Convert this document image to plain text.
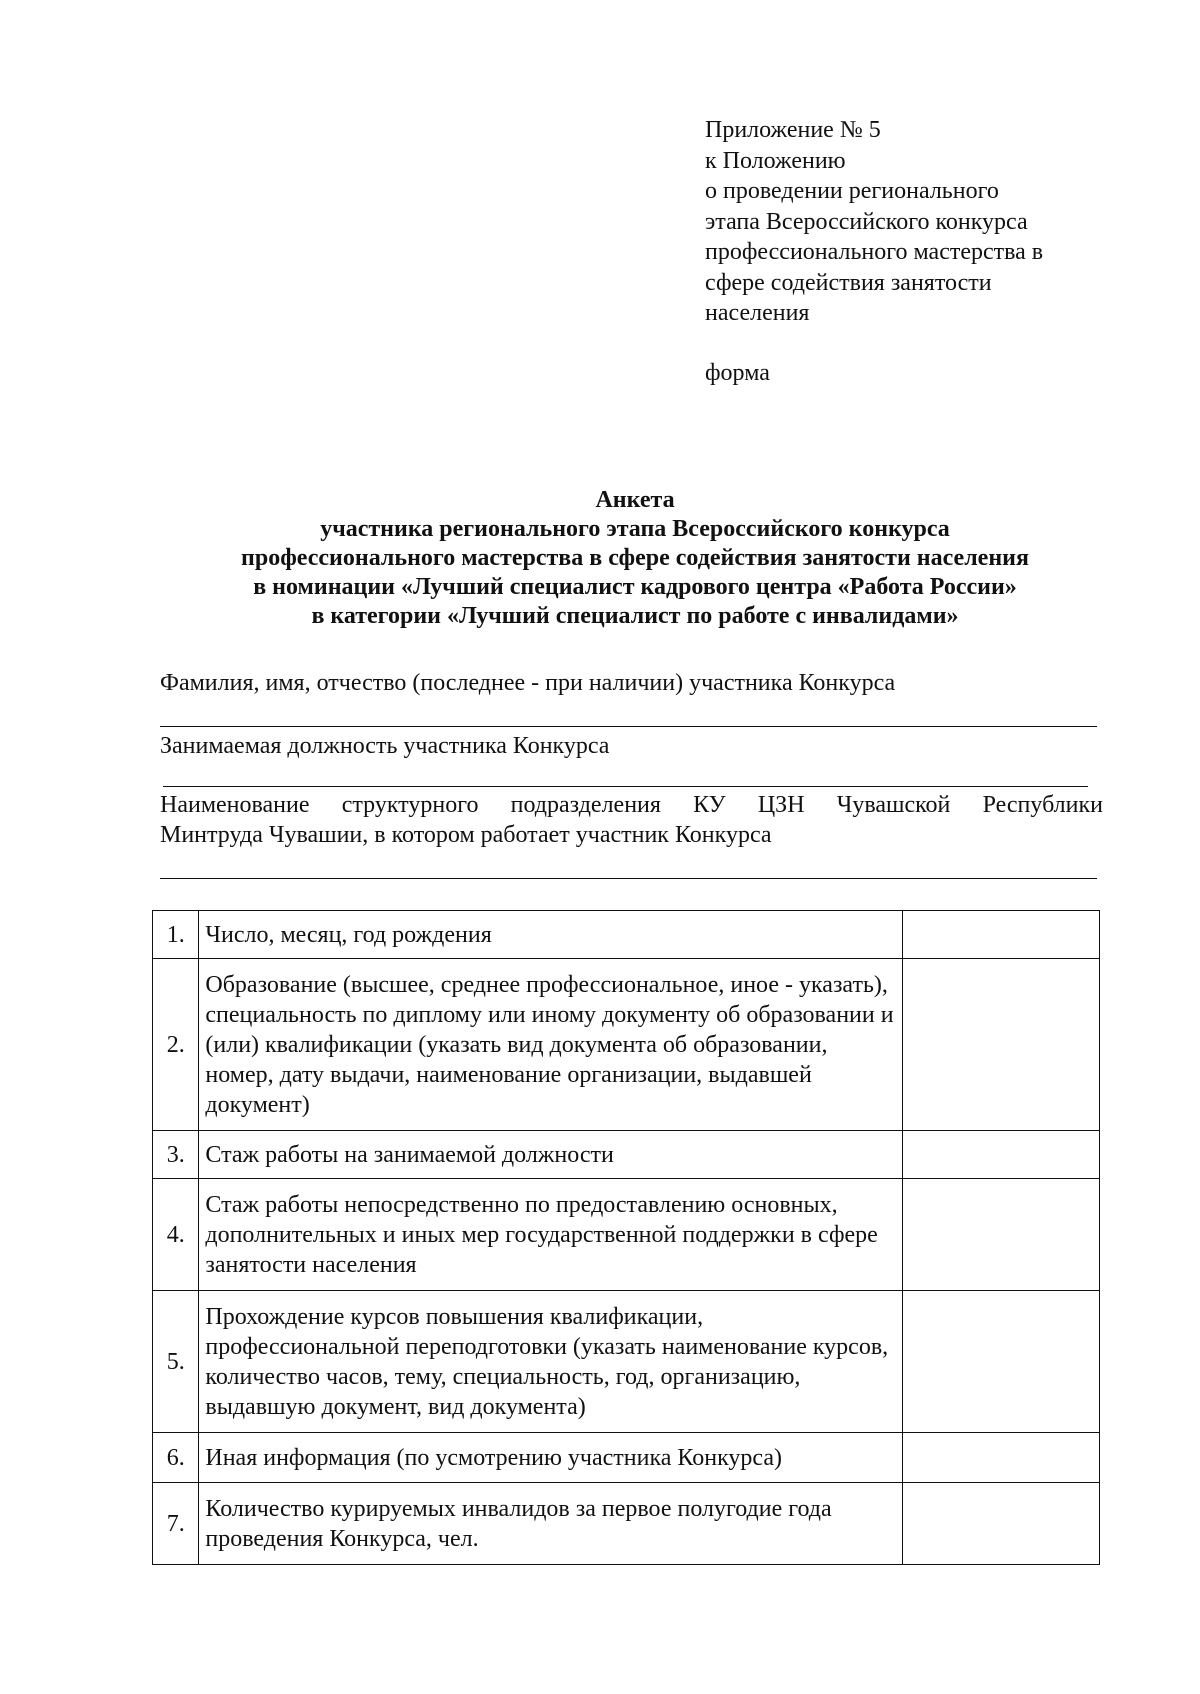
Приложение № 5
к Положению
о проведении регионального
этапа Всероссийского конкурса
профессионального мастерства в
сфере содействия занятости
населения
форма
Анкета
участника регионального этапа Всероссийского конкурса
профессионального мастерства в сфере содействия занятости населения
в номинации «Лучший специалист кадрового центра «Работа России»
в категории «Лучший специалист по работе с инвалидами»
Фамилия, имя, отчество (последнее - при наличии) участника Конкурса
Занимаемая должность участника Конкурса
Наименование структурного подразделения КУ ЦЗН Чувашской Республики
Минтруда Чувашии, в котором работает участник Конкурса
1.	Число, месяц, год рождения	
2.	Образование (высшее, среднее профессиональное, иное - указать), специальность по диплому или иному документу об образовании и (или) квалификации (указать вид документа об образовании, номер, дату выдачи, наименование организации, выдавшей документ)	
3.	Стаж работы на занимаемой должности	
4.	Стаж работы непосредственно по предоставлению основных, дополнительных и иных мер государственной поддержки в сфере занятости населения	
5.	Прохождение курсов повышения квалификации, профессиональной переподготовки (указать наименование курсов, количество часов, тему, специальность, год, организацию, выдавшую документ, вид документа)	
6.	Иная информация (по усмотрению участника Конкурса)	
7.	Количество курируемых инвалидов за первое полугодие года проведения Конкурса, чел.	
